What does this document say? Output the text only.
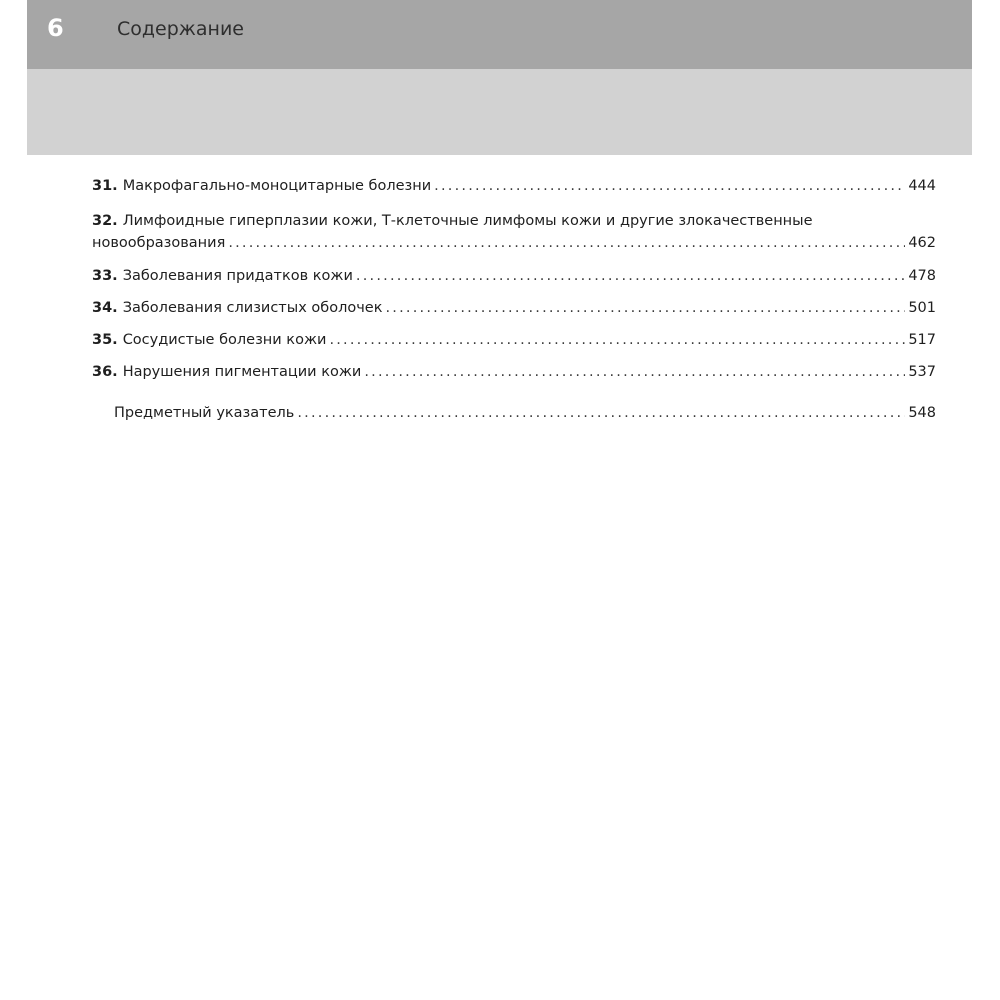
6	Содержание
31. Макрофагально-моноцитарные болезни .....	444
32. Лимфоидные гиперплазии кожи, Т-клеточные лимфомы кожи и другие злокачественные
новообразования .....	462
33. Заболевания придатков кожи .....	478
34. Заболевания слизистых оболочек .....	501
35. Сосудистые болезни кожи .....	517
36. Нарушения пигментации кожи .....	537
Предметный указатель .....	548
